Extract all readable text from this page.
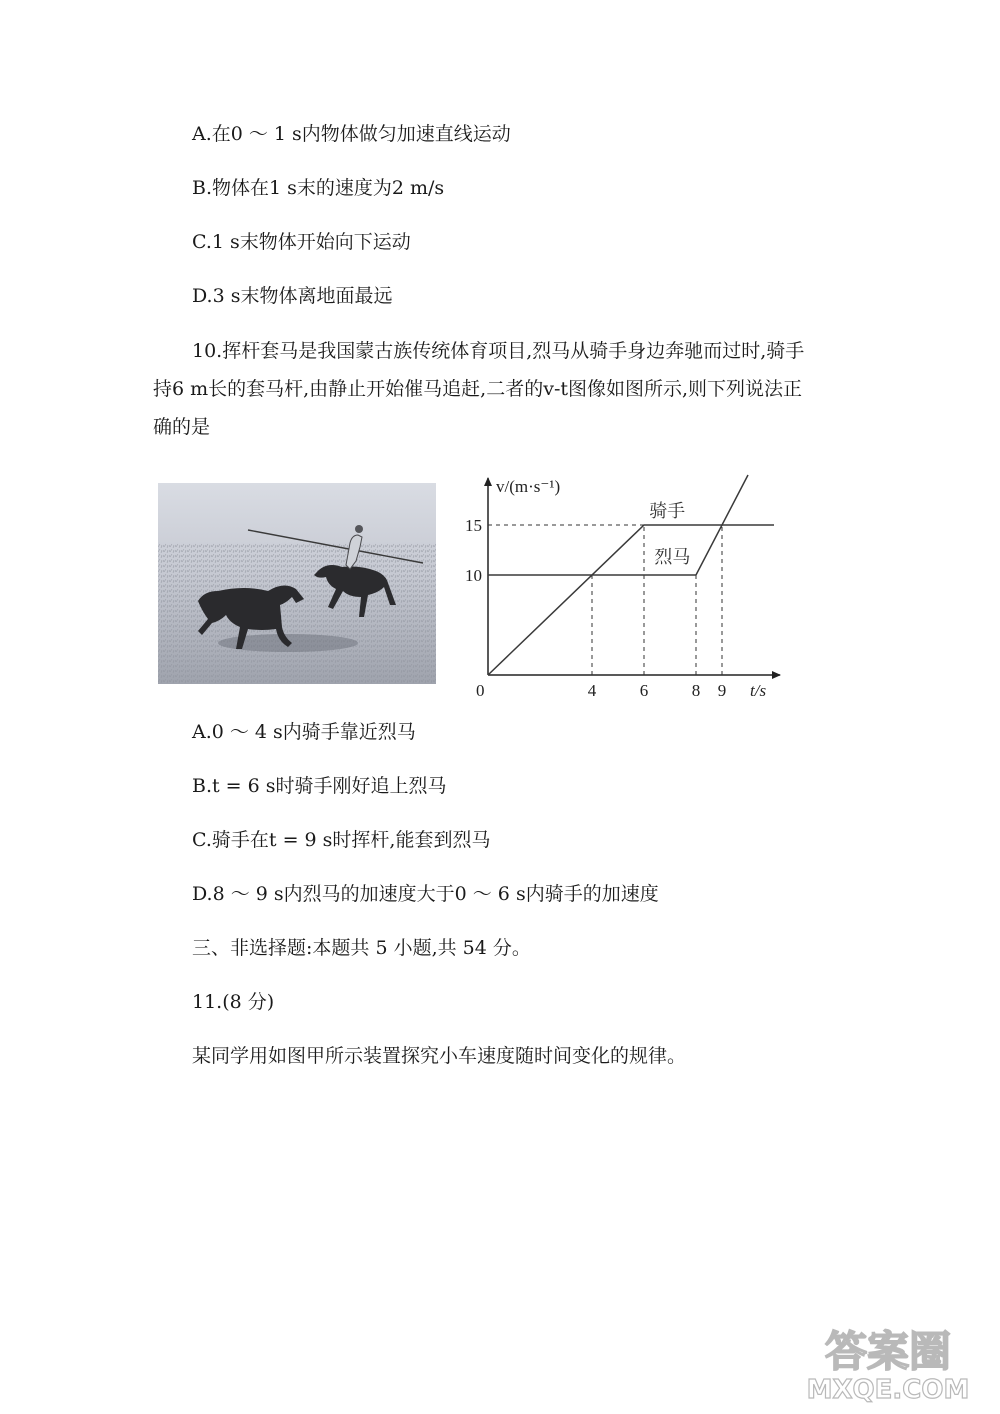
A.在0 ～ 1 s内物体做匀加速直线运动
B.物体在1 s末的速度为2 m/s
C.1 s末物体开始向下运动
D.3 s末物体离地面最远
10.挥杆套马是我国蒙古族传统体育项目,烈马从骑手身边奔驰而过时,骑手
持6 m长的套马杆,由静止开始催马追赶,二者的v-t图像如图所示,则下列说法正
确的是
4	6	8 9
10
15
骑手
烈马
v/(m·s⁻¹)
t/s
0
A.0 ～ 4 s内骑手靠近烈马
B.t = 6 s时骑手刚好追上烈马
C.骑手在t = 9 s时挥杆,能套到烈马
D.8 ～ 9 s内烈马的加速度大于0 ～ 6 s内骑手的加速度
三、非选择题:本题共 5 小题,共 54 分。
11.(8 分)
某同学用如图甲所示装置探究小车速度随时间变化的规律。
答案圈
MXQE.COM
